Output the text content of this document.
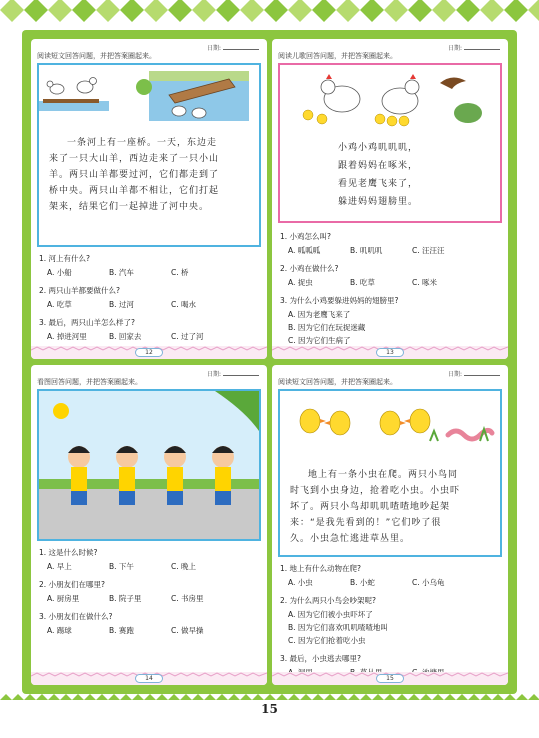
日期:
阅读短文回答问题，并把答案圈起来。
一条河上有一座桥。一天，东边走
来了一只大山羊，西边走来了一只小山
羊。两只山羊都要过河，它们都走到了
桥中央。两只山羊都不相让，它们打起
架来，结果它们一起掉进了河中央。
1. 河上有什么?
A. 小船	B. 汽车	C. 桥
2. 两只山羊都要做什么?
A. 吃草	B. 过河	C. 喝水
3. 最后，两只山羊怎么样了?
A. 掉进河里	B. 回家去	C. 过了河
12
日期:
阅读儿歌回答问题，并把答案圈起来。
小鸡小鸡叽叽叽，
跟着妈妈在啄米，
看见老鹰飞来了，
躲进妈妈翅膀里。
1. 小鸡怎么叫?
A. 呱呱呱	B. 叽叽叽	C. 汪汪汪
2. 小鸡在做什么?
A. 捉虫	B. 吃草	C. 啄米
3. 为什么小鸡要躲进妈妈的翅膀里?
A. 因为老鹰飞来了
B. 因为它们在玩捉迷藏
C. 因为它们生病了
13
日期:
看图回答问题，并把答案圈起来。
1. 这是什么时候?
A. 早上	B. 下午	C. 晚上
2. 小朋友们在哪里?
A. 厨房里	B. 院子里	C. 书房里
3. 小朋友们在做什么?
A. 踢球	B. 赛跑	C. 做早操
14
日期:
阅读短文回答问题，并把答案圈起来。
地上有一条小虫在爬。两只小鸟同
时飞到小虫身边，抢着吃小虫。小虫吓
坏了。两只小鸟却叽叽喳喳地吵起架
来：“是我先看到的！”它们吵了很
久。小虫急忙逃进草丛里。
1. 地上有什么动物在爬?
A. 小虫	B. 小蛇	C. 小乌龟
2. 为什么两只小鸟会吵架呢?
A. 因为它们被小虫吓坏了
B. 因为它们喜欢叽叽喳喳地叫
C. 因为它们抢着吃小虫
3. 最后，小虫逃去哪里?
15
15
